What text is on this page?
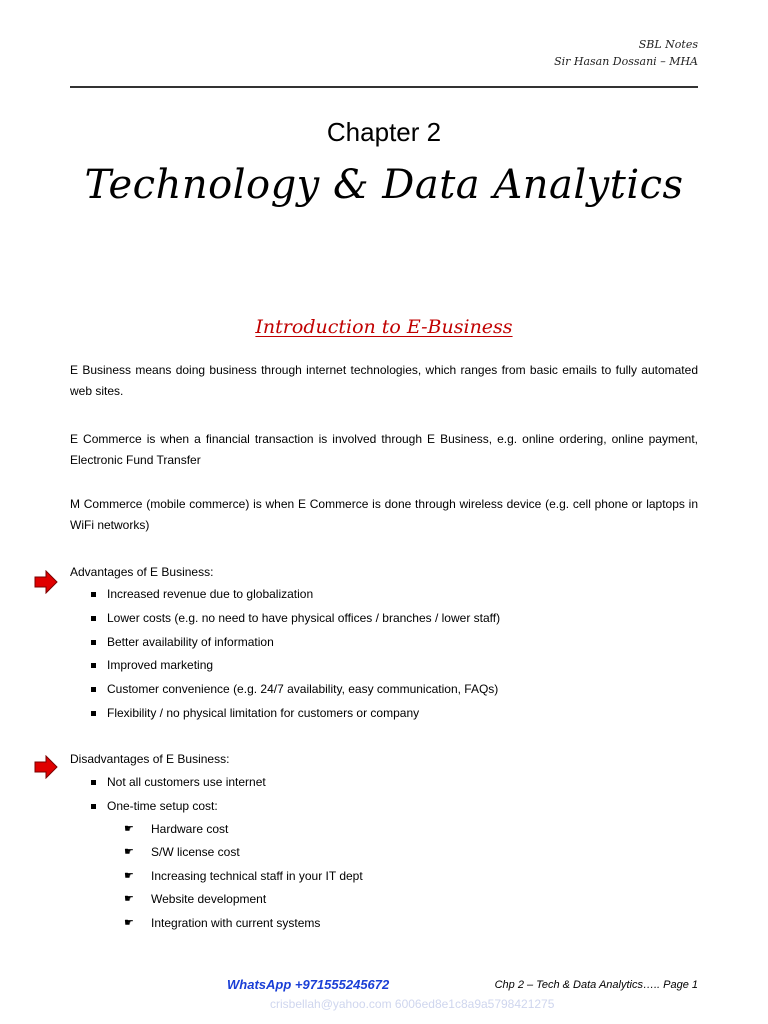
SBL Notes
Sir Hasan Dossani – MHA
Chapter 2
Technology & Data Analytics
Introduction to E-Business
E Business means doing business through internet technologies, which ranges from basic emails to fully automated web sites.
E Commerce is when a financial transaction is involved through E Business, e.g. online ordering, online payment, Electronic Fund Transfer
M Commerce (mobile commerce) is when E Commerce is done through wireless device (e.g. cell phone or laptops in WiFi networks)
Advantages of E Business:
Increased revenue due to globalization
Lower costs (e.g. no need to have physical offices / branches / lower staff)
Better availability of information
Improved marketing
Customer convenience (e.g. 24/7 availability, easy communication, FAQs)
Flexibility / no physical limitation for customers or company
Disadvantages of E Business:
Not all customers use internet
One-time setup cost:
☛ Hardware cost
☛ S/W license cost
☛ Increasing technical staff in your IT dept
☛ Website development
☛ Integration with current systems
WhatsApp +971555245672	Chp 2 – Tech & Data Analytics….. Page 1
crisbellah@yahoo.com 6006ed8e1c8a9a5798421275
